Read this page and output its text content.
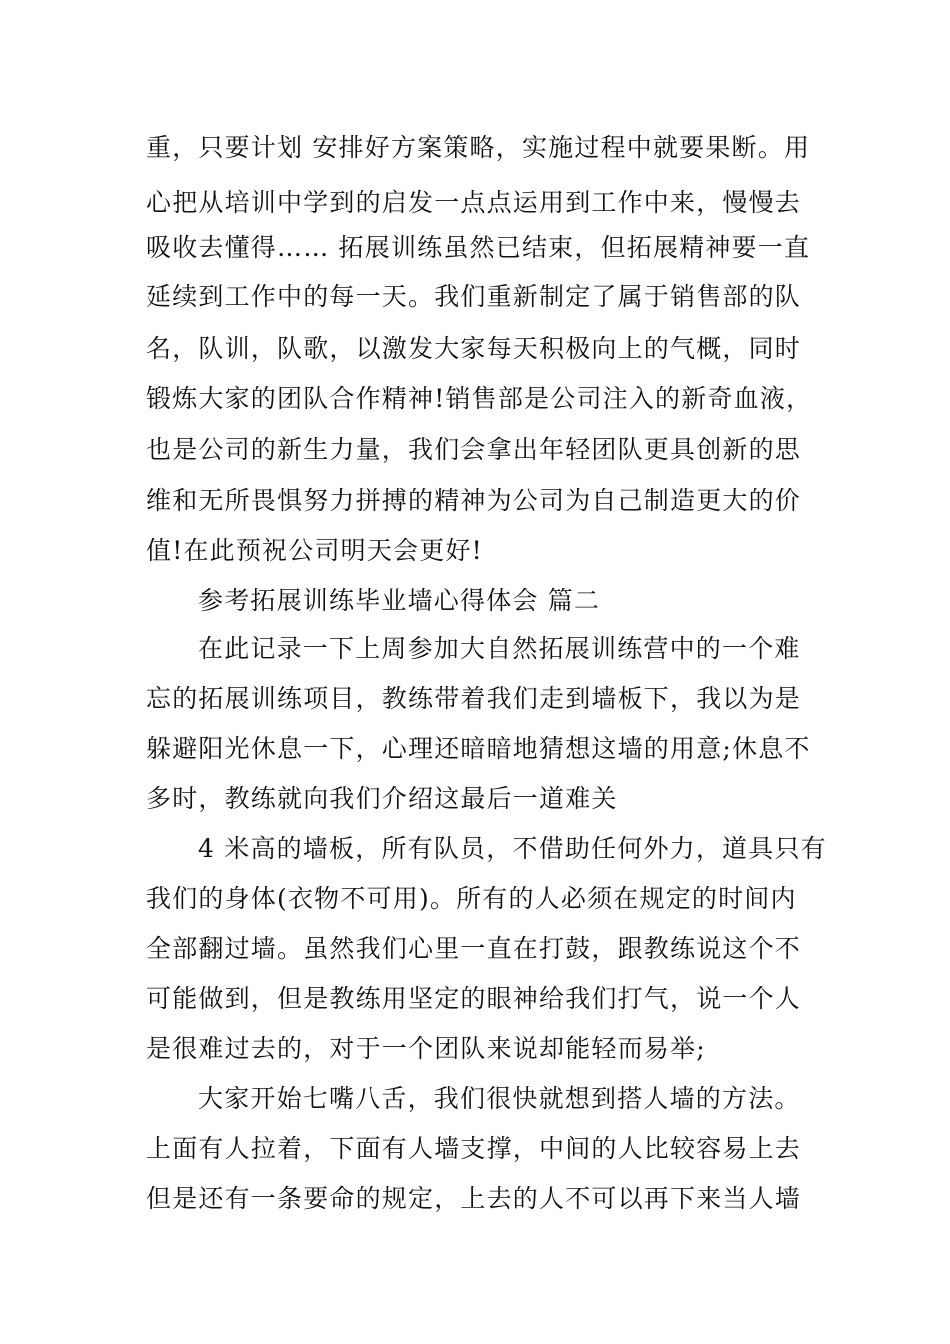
重，只要计划 安排好方案策略，实施过程中就要果断。用
心把从培训中学到的启发一点点运用到工作中来，慢慢去
吸收去懂得…… 拓展训练虽然已结束，但拓展精神要一直
延续到工作中的每一天。我们重新制定了属于销售部的队
名，队训，队歌，以激发大家每天积极向上的气概，同时
锻炼大家的团队合作精神!销售部是公司注入的新奇血液，
也是公司的新生力量，我们会拿出年轻团队更具创新的思
维和无所畏惧努力拼搏的精神为公司为自己制造更大的价
值!在此预祝公司明天会更好!
参考拓展训练毕业墙心得体会 篇二
在此记录一下上周参加大自然拓展训练营中的一个难
忘的拓展训练项目，教练带着我们走到墙板下，我以为是
躲避阳光休息一下，心理还暗暗地猜想这墙的用意;休息不
多时，教练就向我们介绍这最后一道难关
4 米高的墙板，所有队员，不借助任何外力，道具只有
我们的身体(衣物不可用)。所有的人必须在规定的时间内
全部翻过墙。虽然我们心里一直在打鼓，跟教练说这个不
可能做到，但是教练用坚定的眼神给我们打气，说一个人
是很难过去的，对于一个团队来说却能轻而易举;
大家开始七嘴八舌，我们很快就想到搭人墙的方法。
上面有人拉着，下面有人墙支撑，中间的人比较容易上去
但是还有一条要命的规定，上去的人不可以再下来当人墙
